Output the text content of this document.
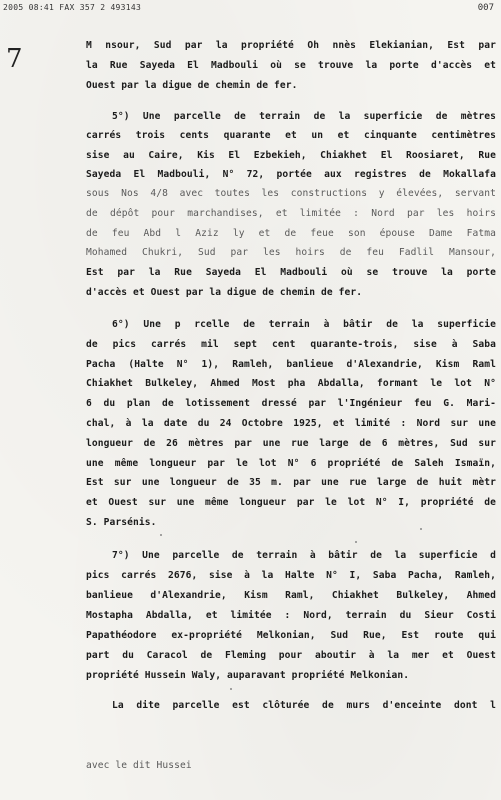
2005 08:41 FAX 357 2 493143	007
7	M nsour, Sud par la propriété Oh nnès Elekianian, Est par
la Rue Sayeda El Madbouli où se trouve la porte d'accès et
Ouest par la digue de chemin de fer.
5°) Une parcelle de terrain de la superficie de mètres
carrés trois cents quarante et un et cinquante centimètres
sise au Caire, Kis El Ezbekieh, Chiakhet El Roosiaret, Rue
Sayeda El Madbouli, N° 72, portée aux registres de Mokallafa
sous Nos 4/8 avec toutes les constructions y élevées, servant
de dépôt pour marchandises, et limitée : Nord par les hoirs
de feu Abd l Aziz ly et de feue son épouse Dame Fatma
Mohamed Chukri, Sud par les hoirs de feu Fadlil Mansour,
Est par la Rue Sayeda El Madbouli où se trouve la porte
d'accès et Ouest par la digue de chemin de fer.
6°) Une p rcelle de terrain à bâtir de la superficie
de pics carrés mil sept cent quarante-trois, sise à Saba
Pacha (Halte N° 1), Ramleh, banlieue d'Alexandrie, Kism Raml
Chiakhet Bulkeley, Ahmed Most pha Abdalla, formant le lot N°
6 du plan de lotissement dressé par l'Ingénieur feu G. Mari-
chal, à la date du 24 Octobre 1925, et limité : Nord sur une
longueur de 26 mètres par une rue large de 6 mètres, Sud sur
une même longueur par le lot N° 6 propriété de Saleh Ismaïn,
Est sur une longueur de 35 m. par une rue large de huit mètr
et Ouest sur une même longueur par le lot N° I, propriété de
S. Parsénis.
7°) Une parcelle de terrain à bâtir de la superficie d
pics carrés 2676, sise à la Halte N° I, Saba Pacha, Ramleh,
banlieue d'Alexandrie, Kism Raml, Chiakhet Bulkeley, Ahmed
Mostapha Abdalla, et limitée : Nord, terrain du Sieur Costi
Papathéodore ex-propriété Melkonian, Sud Rue, Est route qui
part du Caracol de Fleming pour aboutir à la mer et Ouest
propriété Hussein Waly, auparavant propriété Melkonian.
La dite parcelle est clôturée de murs d'enceinte dont l
avec le dit Hussei
